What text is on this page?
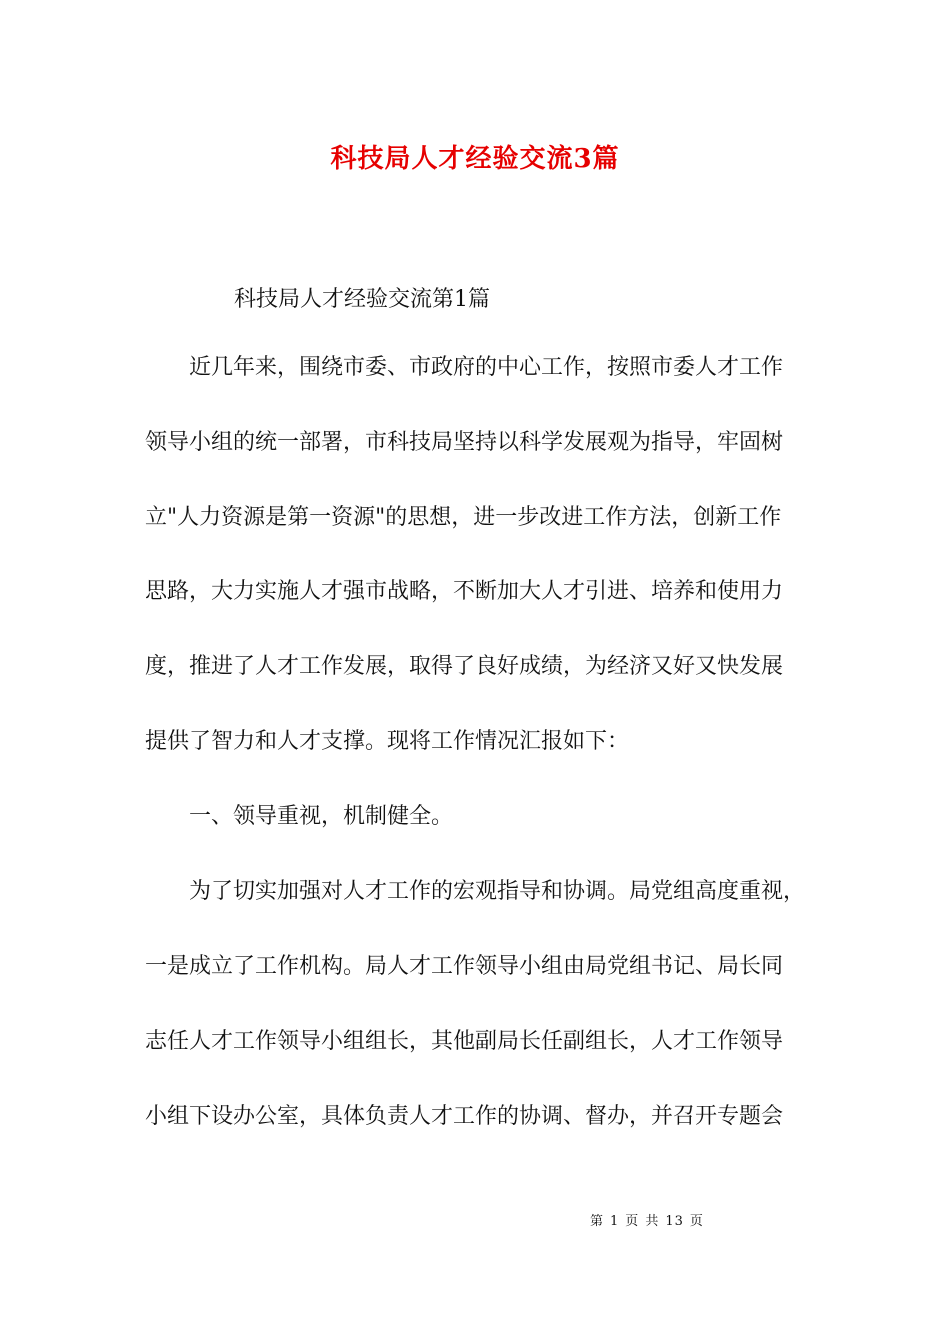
科技局人才经验交流3篇
科技局人才经验交流第1篇
　　近几年来，围绕市委、市政府的中心工作，按照市委人才工作
领导小组的统一部署，市科技局坚持以科学发展观为指导，牢固树
立"人力资源是第一资源"的思想，进一步改进工作方法，创新工作
思路，大力实施人才强市战略，不断加大人才引进、培养和使用力
度，推进了人才工作发展，取得了良好成绩，为经济又好又快发展
提供了智力和人才支撑。现将工作情况汇报如下：
　　一、领导重视，机制健全。
　　为了切实加强对人才工作的宏观指导和协调。局党组高度重视，
一是成立了工作机构。局人才工作领导小组由局党组书记、局长同
志任人才工作领导小组组长，其他副局长任副组长，人才工作领导
小组下设办公室，具体负责人才工作的协调、督办，并召开专题会
第 1 页 共 13 页
